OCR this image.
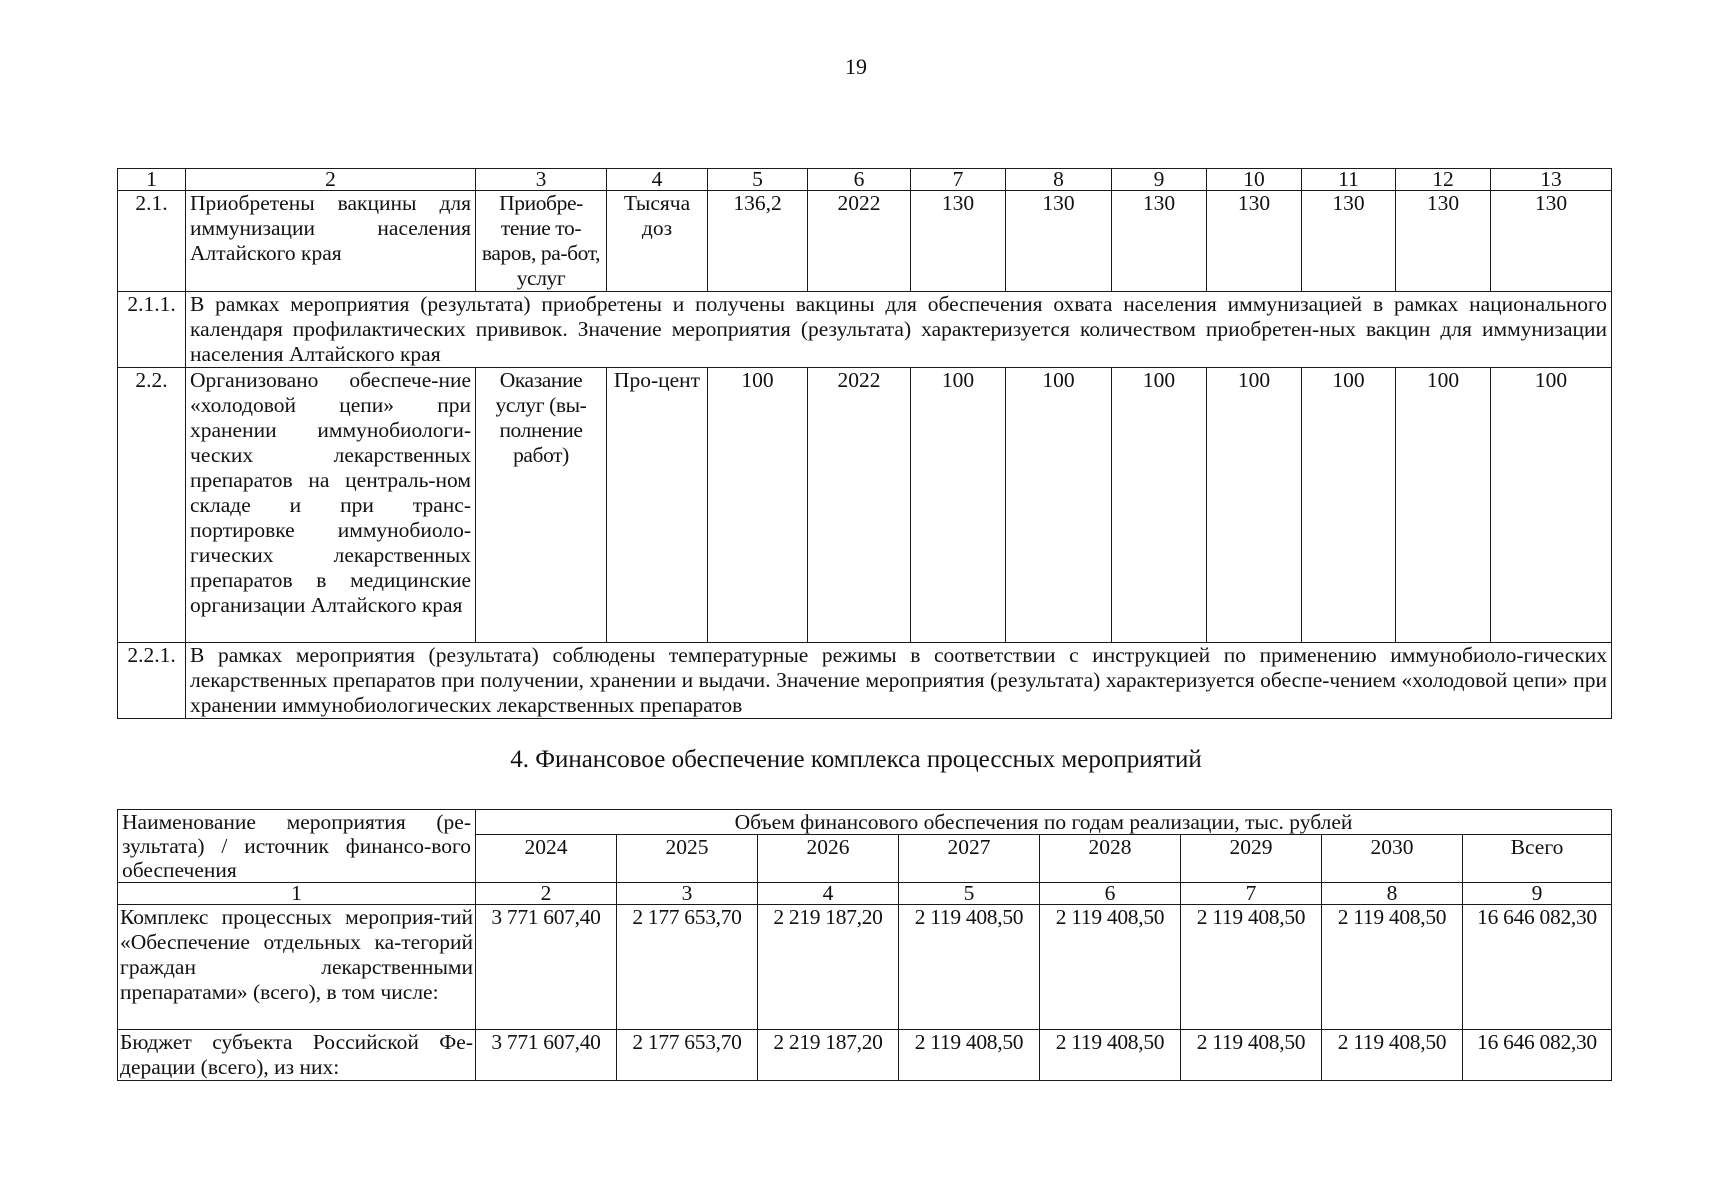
19
1	2	3	4	5	6	7	8	9	10	11	12	13
2.1.	Приобретены вакцины для иммунизации населения Алтайского края	Приобре-тение то-варов, ра-бот, услуг	Тысяча доз	136,2	2022	130	130	130	130	130	130	130
2.1.1.	В рамках мероприятия (результата) приобретены и получены вакцины для обеспечения охвата населения иммунизацией в рамках национального календаря профилактических прививок. Значение мероприятия (результата) характеризуется количеством приобретен-ных вакцин для иммунизации населения Алтайского края											
2.2.	Организовано обеспече-ние «холодовой цепи» при хранении иммунобиологи-ческих лекарственных препаратов на централь-ном складе и при транс-портировке иммунобиоло-гических лекарственных препаратов в медицинские организации Алтайского края	Оказание услуг (вы-полнение работ)	Про-цент	100	2022	100	100	100	100	100	100	100
2.2.1.	В рамках мероприятия (результата) соблюдены температурные режимы в соответствии с инструкцией по применению иммунобиоло-гических лекарственных препаратов при получении, хранении и выдачи. Значение мероприятия (результата) характеризуется обеспе-чением «холодовой цепи» при хранении иммунобиологических лекарственных препаратов											
4. Финансовое обеспечение комплекса процессных мероприятий
Наименование мероприятия (ре-зультата) / источник финансо-вого обеспечения	Объем финансового обеспечения по годам реализации, тыс. рублей							
	2024	2025	2026	2027	2028	2029	2030	Всего
1	2	3	4	5	6	7	8	9
Комплекс процессных мероприя-тий «Обеспечение отдельных ка-тегорий граждан лекарственными препаратами» (всего), в том числе:	3 771 607,40	2 177 653,70	2 219 187,20	2 119 408,50	2 119 408,50	2 119 408,50	2 119 408,50	16 646 082,30
Бюджет субъекта Российской Фе-дерации (всего), из них:	3 771 607,40	2 177 653,70	2 219 187,20	2 119 408,50	2 119 408,50	2 119 408,50	2 119 408,50	16 646 082,30
